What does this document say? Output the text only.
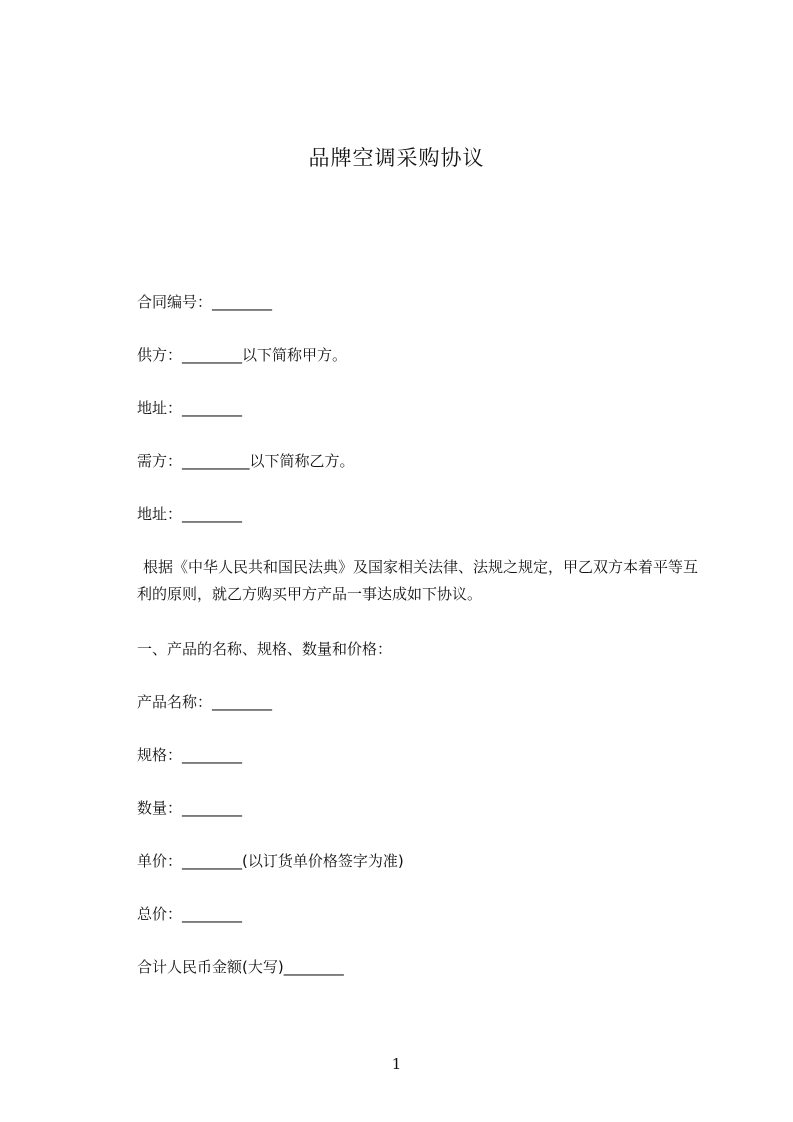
品牌空调采购协议
合同编号：________
供方：________以下简称甲方。
地址：________
需方：_________以下简称乙方。
地址：________
根据《中华人民共和国民法典》及国家相关法律、法规之规定，甲乙双方本着平等互利的原则，就乙方购买甲方产品一事达成如下协议。
一、产品的名称、规格、数量和价格：
产品名称：________
规格：________
数量：________
单价：________(以订货单价格签字为准)
总价：________
合计人民币金额(大写)________
1
